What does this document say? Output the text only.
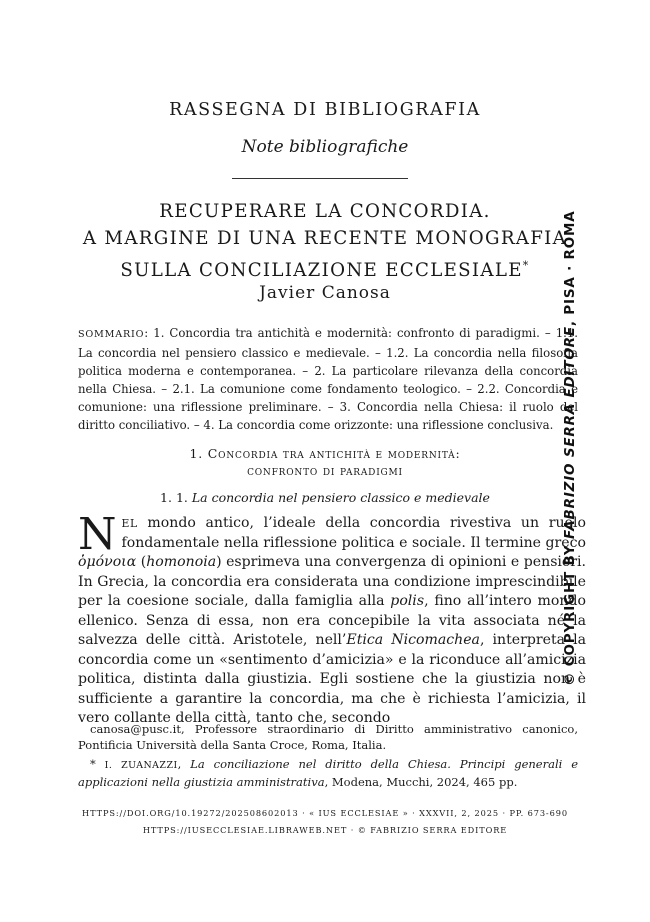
RASSEGNA DI BIBLIOGRAFIA
Note bibliografiche
RECUPERARE LA CONCORDIA.
A MARGINE DI UNA RECENTE MONOGRAFIA
SULLA CONCILIAZIONE ECCLESIALE*
Javier Canosa

SOMMARIO: 1. Concordia tra antichità e modernità: confronto di paradigmi. – 1.1. La concordia nel pensiero classico e medievale. – 1.2. La concordia nella filosofia politica moderna e contemporanea. – 2. La particolare rilevanza della concordia nella Chiesa. – 2.1. La comunione come fondamento teologico. – 2.2. Concordia e comunione: una riflessione preliminare. – 3. Concordia nella Chiesa: il ruolo del diritto conciliativo. – 4. La concordia come orizzonte: una riflessione conclusiva.

1. Concordia tra antichità e modernità:
confronto di paradigmi
1. 1. La concordia nel pensiero classico e medievale

NEL mondo antico, l’ideale della concordia rivestiva un ruolo fondamentale nella riflessione politica e sociale. Il termine greco ὁμόνοια (homonoia) esprimeva una convergenza di opinioni e pensieri. In Grecia, la concordia era considerata una condizione imprescindibile per la coesione sociale, dalla famiglia alla polis, fino all’intero mondo ellenico. Senza di essa, non era concepibile la vita associata né la salvezza delle città. Aristotele, nell’Etica Nicomachea, interpreta la concordia come un «sentimento d’amicizia» e la riconduce all’amicizia politica, distinta dalla giustizia. Egli sostiene che la giustizia non è sufficiente a garantire la concordia, ma che è richiesta l’amicizia, il vero collante della città, tanto che, secondo

canosa@pusc.it, Professore straordinario di Diritto amministrativo canonico, Pontificia Università della Santa Croce, Roma, Italia.

* I. ZUANAZZI, La conciliazione nel diritto della Chiesa. Principi generali e applicazioni nella giustizia amministrativa, Modena, Mucchi, 2024, 465 pp.

HTTPS://DOI.ORG/10.19272/202508602013 · « IUS ECCLESIAE » · XXXVII, 2, 2025 · PP. 673-690
HTTPS://IUSECCLESIAE.LIBRAWEB.NET · © FABRIZIO SERRA EDITORE
© COPYRIGHT BY FABRIZIO SERRA EDITORE, PISA · ROMA
